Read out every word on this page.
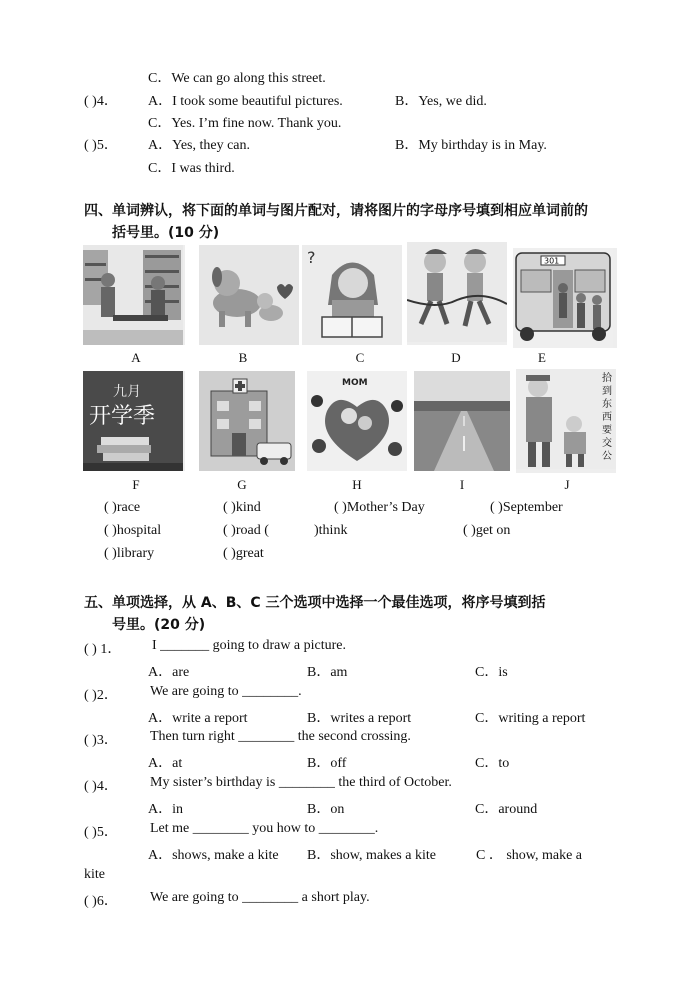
C．We can go along this street.
( )4． A．I took some beautiful pictures.	B．Yes, we did.
C．Yes. I’m fine now. Thank you.
( )5． A．Yes, they can.	B．My birthday is in May.
C．I was third.
四、单词辨认，将下面的单词与图片配对，请将图片的字母序号填到相应单词前的
括号里。(10 分)
A	B
?
C	D
301
E
九月
开学季
F	G
MOM
H	I
拾
到
东
西
要
交
公
J
( )race	( )kind	( )Mother’s Day	( )September
( )hospital	( )road (	)think	( )get on
( )library	( )great
五、单项选择，从 A、B、C 三个选项中选择一个最佳选项，将序号填到括
号里。(20 分)
( ) 1． I _______ going to draw a picture.
A．are	B．am	C．is
( )2． We are going to ________.
A．write a report	B．writes a report	C．writing a report
( )3． Then turn right ________ the second crossing.
A．at	B．off	C．to
( )4． My sister’s birthday is ________ the third of October.
A．in	B．on	C．around
( )5． Let me ________ you how to ________.
A．shows, make a kite B．show, makes a kite	C ． show, make a
kite
( )6． We are going to ________ a short play.
